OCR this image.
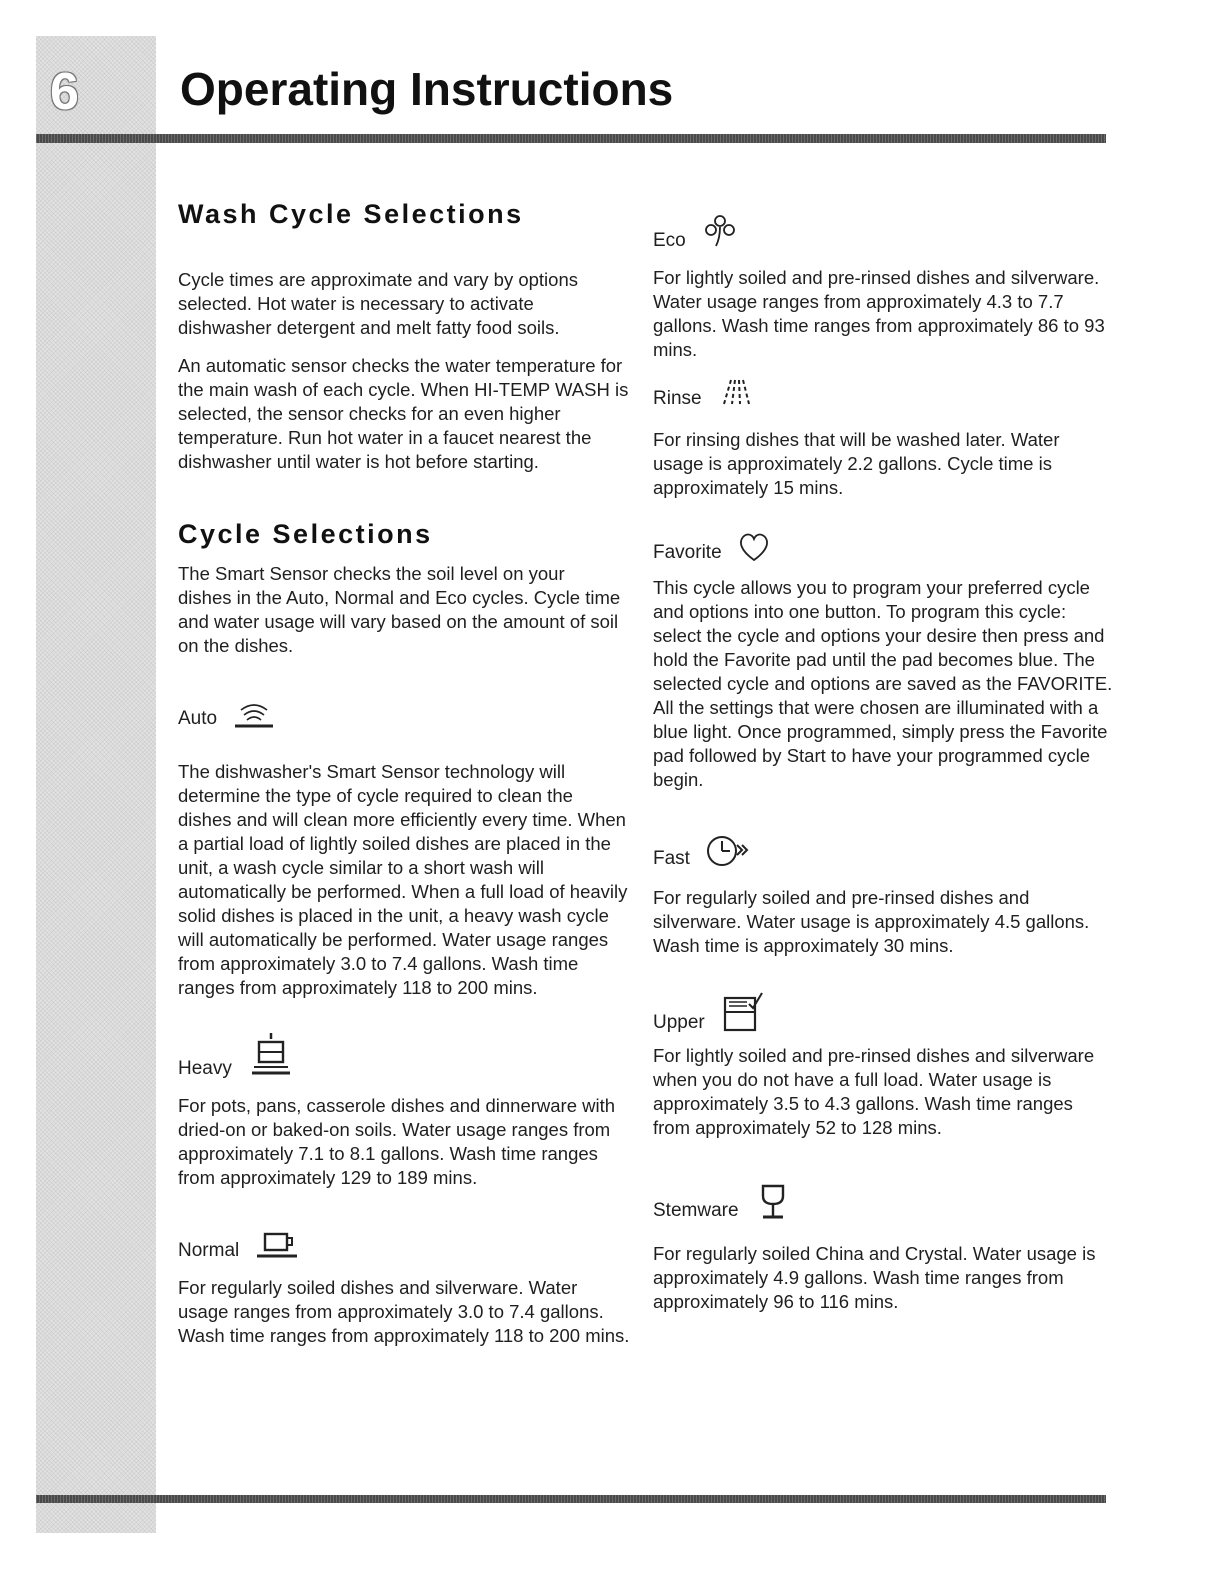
6 Operating Instructions
Wash Cycle Selections

Cycle times are approximate and vary by options selected. Hot water is necessary to activate dishwasher detergent and melt fatty food soils.

An automatic sensor checks the water temperature for the main wash of each cycle. When HI-TEMP WASH is selected, the sensor checks for an even higher temperature. Run hot water in a faucet nearest the dishwasher until water is hot before starting.

Cycle Selections

The Smart Sensor checks the soil level on your dishes in the Auto, Normal and Eco cycles. Cycle time and water usage will vary based on the amount of soil on the dishes.

Auto

The dishwasher's Smart Sensor technology will determine the type of cycle required to clean the dishes and will clean more efficiently every time. When a partial load of lightly soiled dishes are placed in the unit, a wash cycle similar to a short wash will automatically be performed. When a full load of heavily solid dishes is placed in the unit, a heavy wash cycle will automatically be performed. Water usage ranges from approximately 3.0 to 7.4 gallons. Wash time ranges from approximately 118 to 200 mins.

Heavy

For pots, pans, casserole dishes and dinnerware with dried-on or baked-on soils. Water usage ranges from approximately 7.1 to 8.1 gallons. Wash time ranges from approximately 129 to 189 mins.

Normal

For regularly soiled dishes and silverware. Water usage ranges from approximately 3.0 to 7.4 gallons. Wash time ranges from approximately 118 to 200 mins.

Eco

For lightly soiled and pre-rinsed dishes and silverware. Water usage ranges from approximately 4.3 to 7.7 gallons. Wash time ranges from approximately 86 to 93 mins.

Rinse

For rinsing dishes that will be washed later. Water usage is approximately 2.2 gallons. Cycle time is approximately 15 mins.

Favorite

This cycle allows you to program your preferred cycle and options into one button. To program this cycle: select the cycle and options your desire then press and hold the Favorite pad until the pad becomes blue. The selected cycle and options are saved as the FAVORITE. All the settings that were chosen are illuminated with a blue light. Once programmed, simply press the Favorite pad followed by Start to have your programmed cycle begin.

Fast

For regularly soiled and pre-rinsed dishes and silverware. Water usage is approximately 4.5 gallons. Wash time is approximately 30 mins.

Upper

For lightly soiled and pre-rinsed dishes and silverware when you do not have a full load. Water usage is approximately 3.5 to 4.3 gallons. Wash time ranges from approximately 52 to 128 mins.

Stemware

For regularly soiled China and Crystal. Water usage is approximately 4.9 gallons. Wash time ranges from approximately 96 to 116 mins.
